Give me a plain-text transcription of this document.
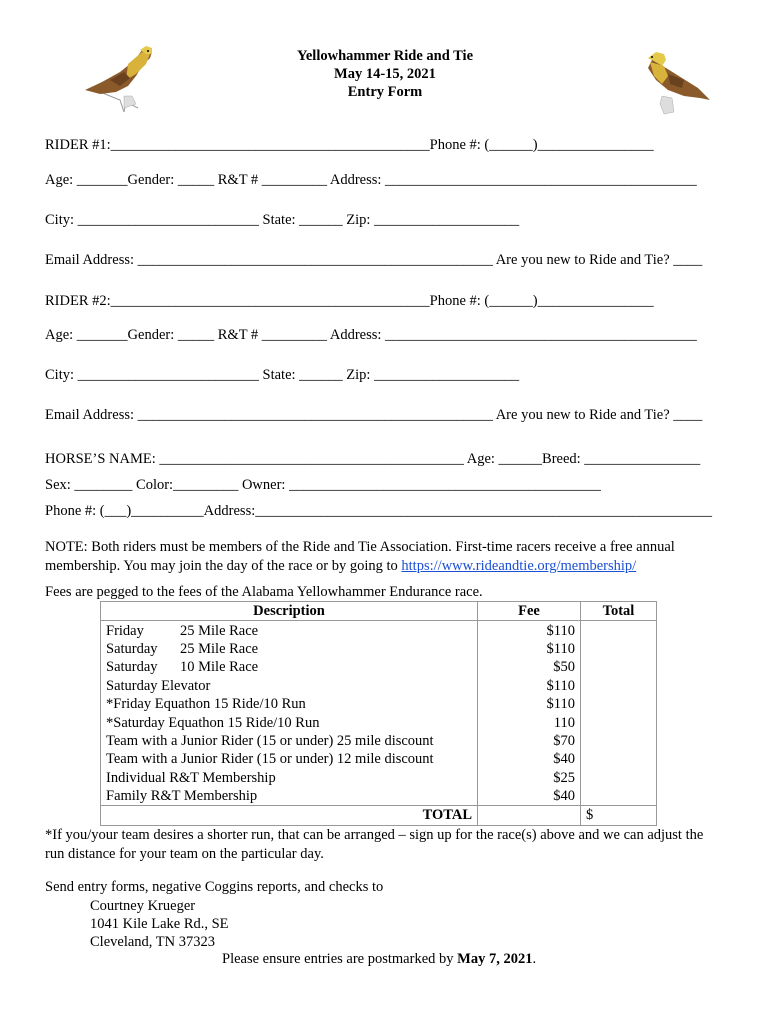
Yellowhammer Ride and Tie
May 14-15, 2021
Entry Form
RIDER #1:____________________________________________Phone #: (______)________________
Age: _______Gender: _____ R&T # _________ Address: ___________________________________________
City: _________________________ State: ______ Zip: ____________________
Email Address: _________________________________________________ Are you new to Ride and Tie? ____
RIDER #2:____________________________________________Phone #: (______)________________
Age: _______Gender: _____ R&T # _________ Address: ___________________________________________
City: _________________________ State: ______ Zip: ____________________
Email Address: _________________________________________________ Are you new to Ride and Tie? ____
HORSE’S NAME: __________________________________________ Age: ______Breed: ________________
Sex: ________ Color:_________ Owner: ___________________________________________
Phone #: (___)__________Address:_______________________________________________________________
NOTE: Both riders must be members of the Ride and Tie Association. First-time racers receive a free annual membership. You may join the day of the race or by going to https://www.rideandtie.org/membership/
Fees are pegged to the fees of the Alabama Yellowhammer Endurance race.
Description	Fee	Total
Friday 25 Mile Race	$110	
Saturday 25 Mile Race	$110	
Saturday 10 Mile Race	$50	
Saturday Elevator	$110	
*Friday Equathon 15 Ride/10 Run	$110	
*Saturday Equathon 15 Ride/10 Run	110	
Team with a Junior Rider (15 or under) 25 mile discount	$70	
Team with a Junior Rider (15 or under) 12 mile discount	$40	
Individual R&T Membership	$25	
Family R&T Membership	$40	
TOTAL		$
*If you/your team desires a shorter run, that can be arranged – sign up for the race(s) above and we can adjust the run distance for your team on the particular day.
Send entry forms, negative Coggins reports, and checks to
Courtney Krueger
1041 Kile Lake Rd., SE
Cleveland, TN 37323
Please ensure entries are postmarked by May 7, 2021.
